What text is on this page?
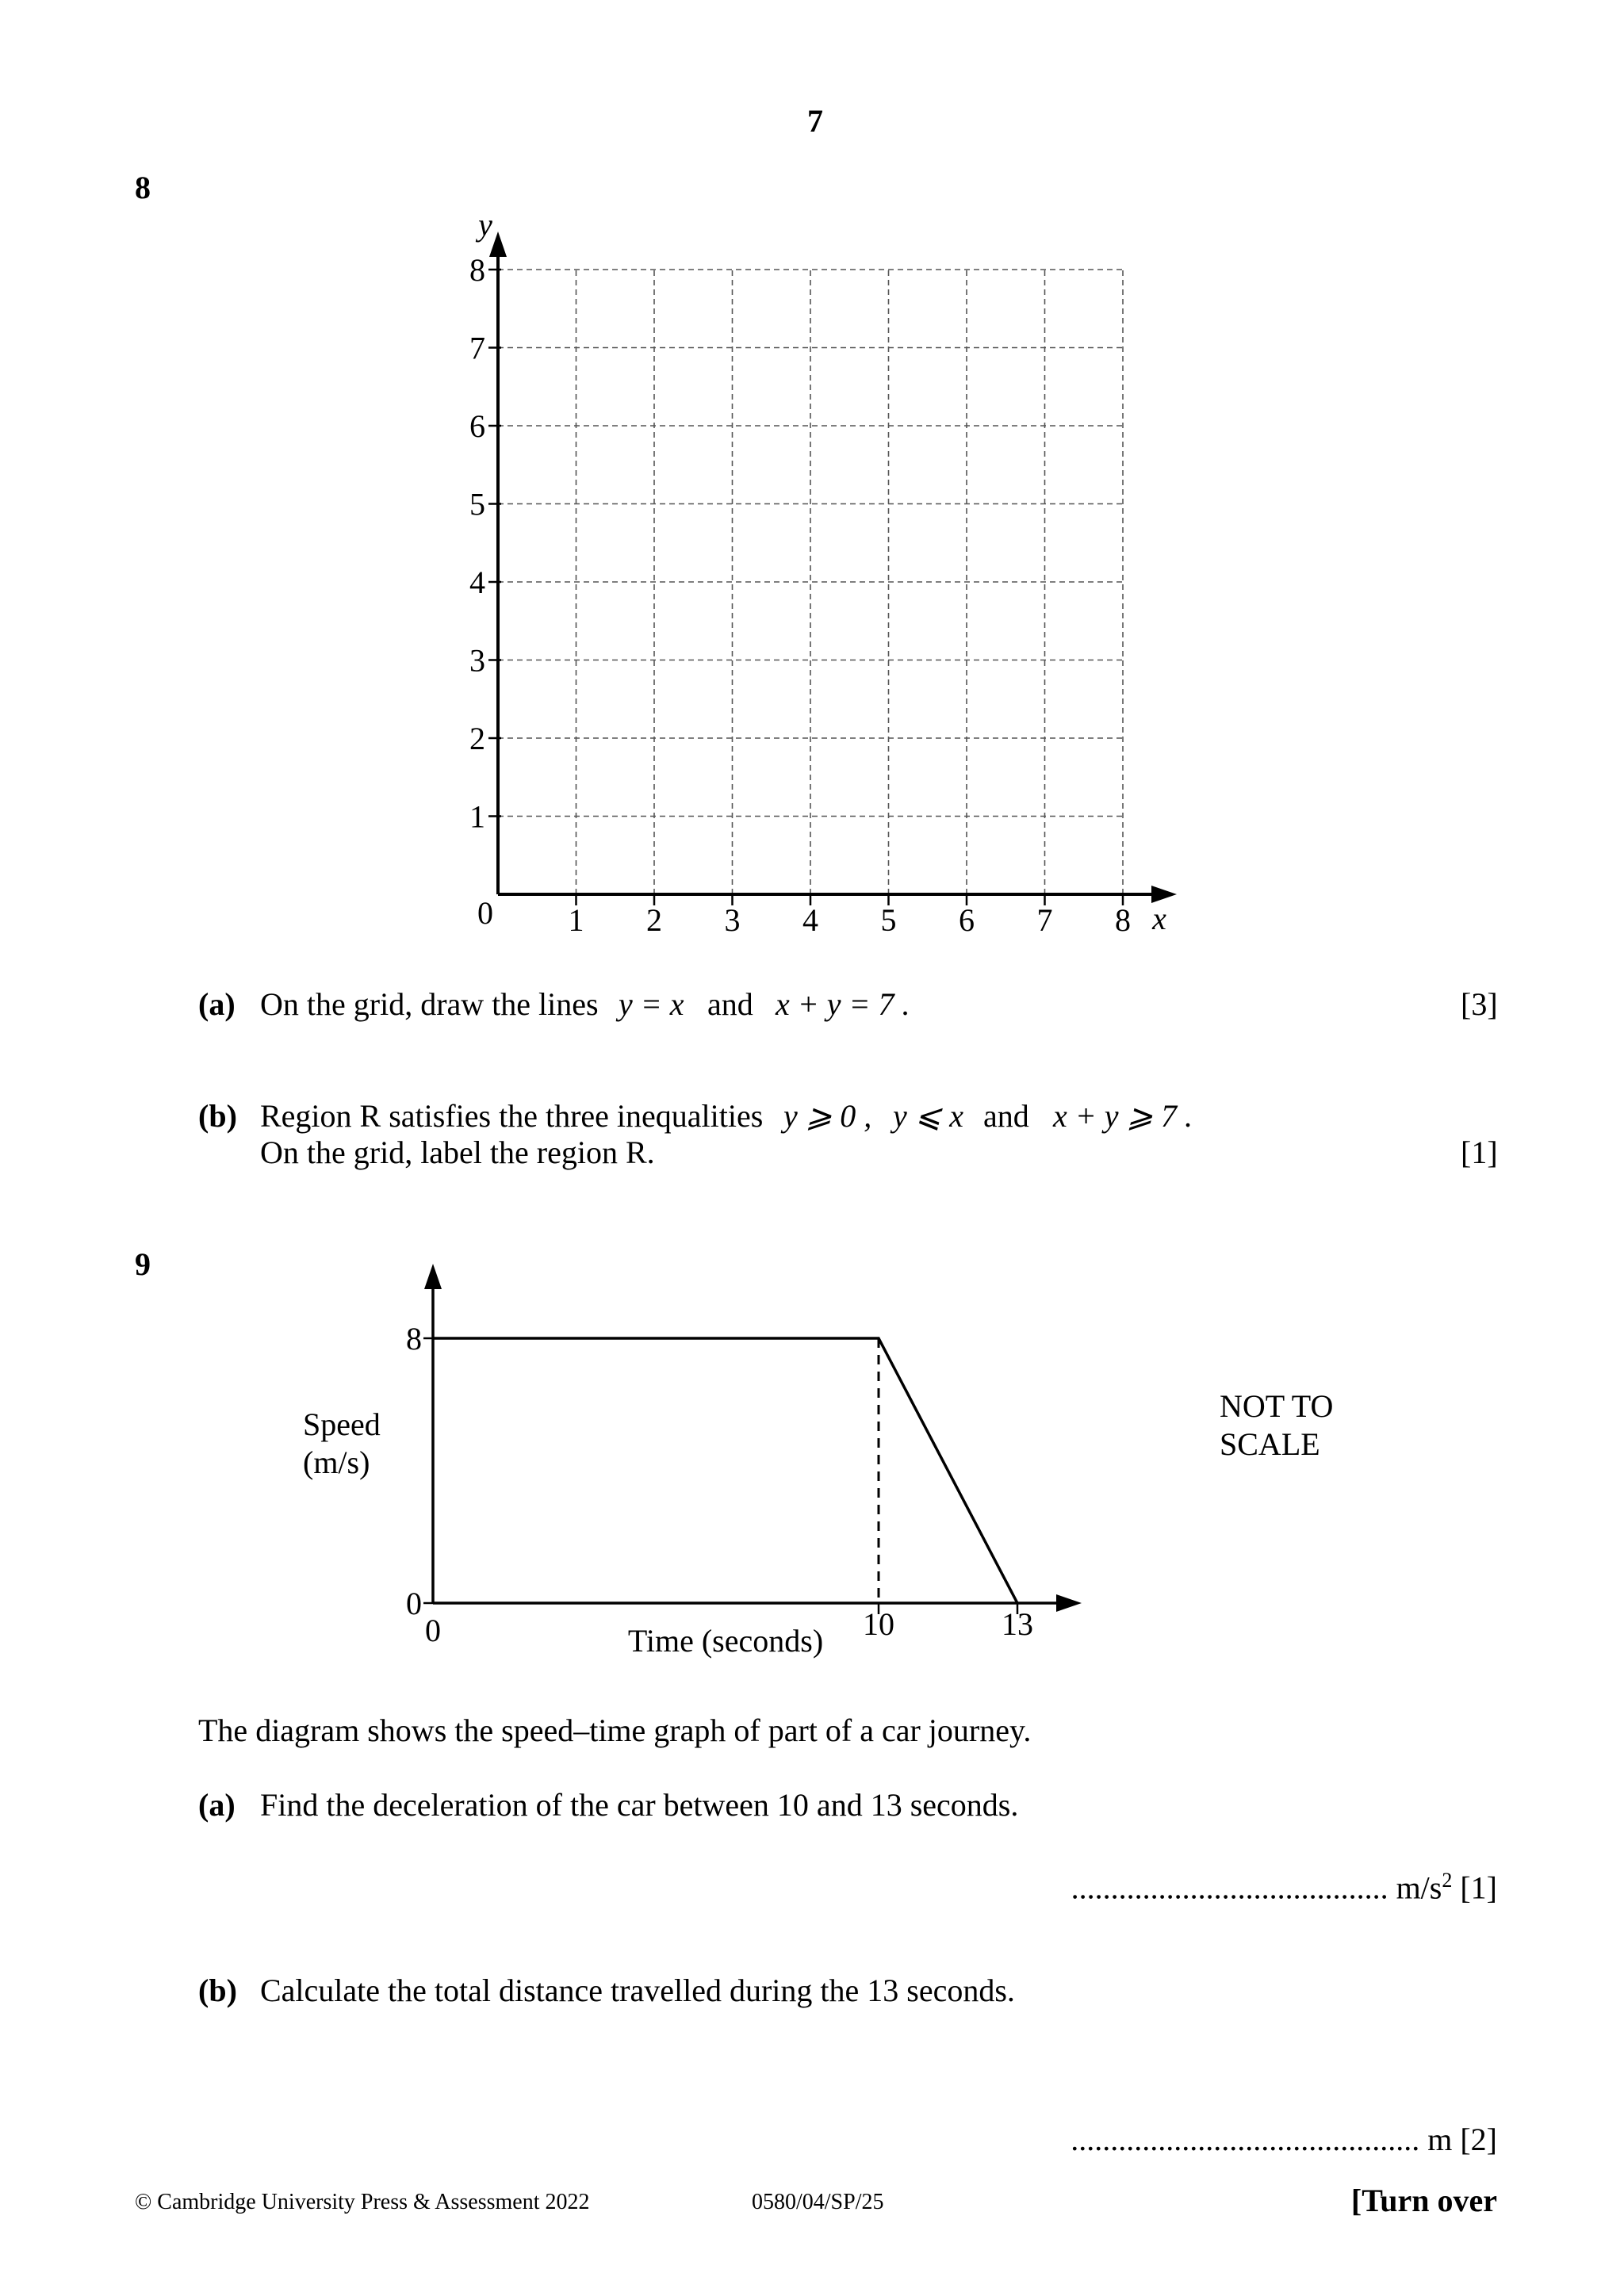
7
8
1 2 3 4 5 6 7 8
1
2
3
4
5
6
7
8
y
x
0
(a) On the grid, draw the lines y = x and x + y = 7 .	[3]
(b) Region R satisfies the three inequalities y ⩾ 0 , y ⩽ x and x + y ⩾ 7 .
On the grid, label the region R.	[1]
9
8
0
0	10	13
Time (seconds)
Speed
(m/s)
NOT TO
SCALE
The diagram shows the speed–time graph of part of a car journey.
(a) Find the deceleration of the car between 10 and 13 seconds.
........................................ $m/s^2$ [1]
(b) Calculate the total distance travelled during the 13 seconds.
............................................ m [2]
© Cambridge University Press & Assessment 2022	0580/04/SP/25	[Turn over
